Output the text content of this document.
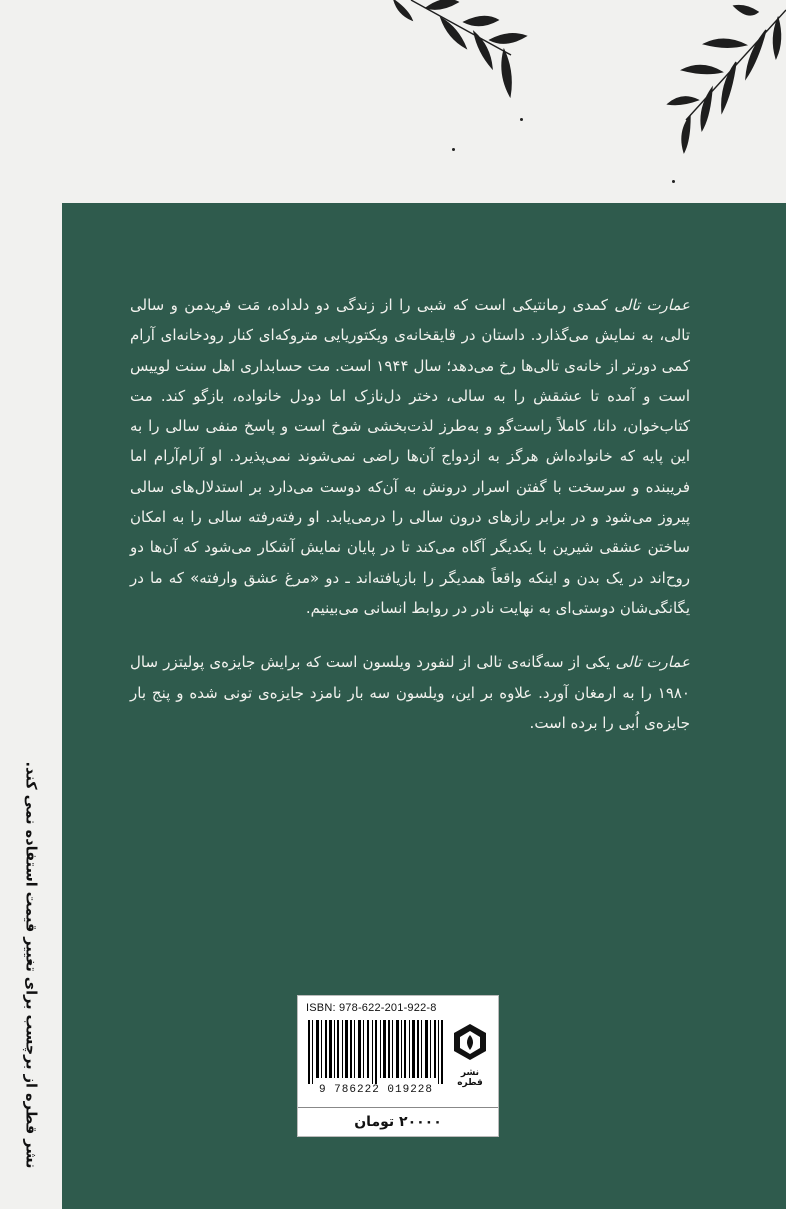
عمارت تالی کمدی رمانتیکی است که شبی را از زندگی دو دلداده، مَت فریدمن و سالی تالی، به نمایش می‌گذارد. داستان در قایقخانه‌ی ویکتوریایی متروکه‌ای کنار رودخانه‌ای آرام کمی دورتر از خانه‌ی تالی‌ها رخ می‌دهد؛ سال ۱۹۴۴ است. مت حسابداری اهل سنت لوییس است و آمده تا عشقش را به سالی، دختر دل‌نازک اما دودل خانواده، بازگو کند. مت کتاب‌خوان، دانا، کاملاً راست‌گو و به‌طرز لذت‌بخشی شوخ است و پاسخ منفی سالی را به این پایه که خانواده‌اش هرگز به ازدواج آن‌ها راضی نمی‌شوند نمی‌پذیرد. او آرام‌آرام اما فریبنده و سرسخت با گفتن اسرار درونش به آن‌که دوست می‌دارد بر استدلال‌های سالی پیروز می‌شود و در برابر رازهای درون سالی را درمی‌یابد. او رفته‌رفته سالی را به امکان ساختن عشقی شیرین با یکدیگر آگاه می‌کند تا در پایان نمایش آشکار می‌شود که آن‌ها دو روح‌اند در یک بدن و اینکه واقعاً همدیگر را بازیافته‌اند ـ دو «مرغ عشق وارفته» که ما در یگانگی‌شان دوستی‌ای به نهایت نادر در روابط انسانی می‌بینیم.

عمارت تالی یکی از سه‌گانه‌ی تالی از لنفورد ویلسون است که برایش جایزه‌ی پولیتزر سال ۱۹۸۰ را به ارمغان آورد. علاوه بر این، ویلسون سه بار نامزد جایزه‌ی تونی شده و پنج بار جایزه‌ی اُبی را برده است.

نشر قطره از برچسب برای تغییر قیمت استفاده نمی کند.	ISBN: 978-622-201-922-8
9 786222 019228
نشر قطره
۲۰۰۰۰ تومان
